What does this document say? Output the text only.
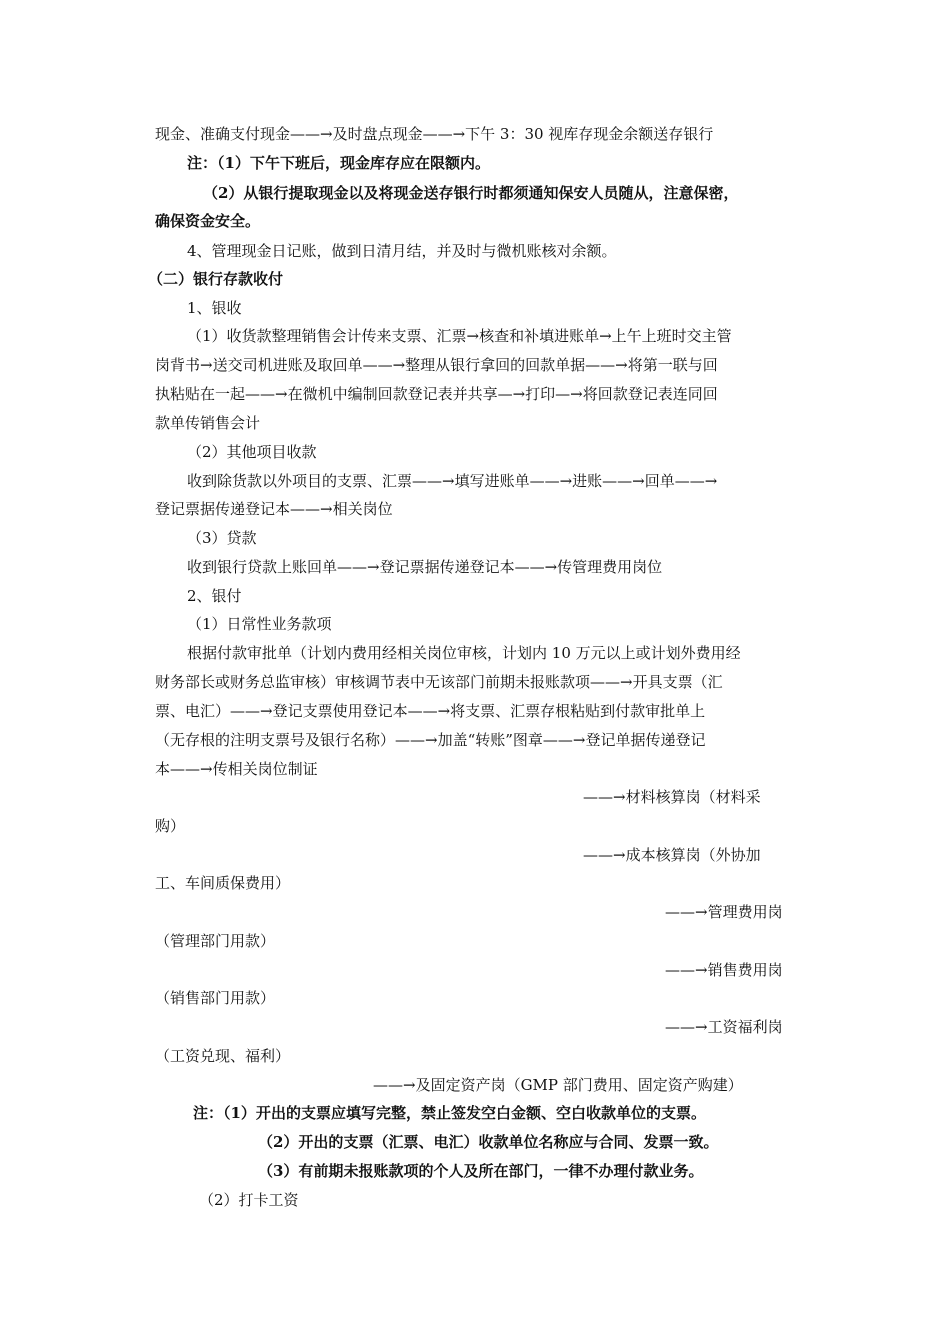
现金、准确支付现金——→及时盘点现金——→下午 3：30 视库存现金余额送存银行
注：（1）下午下班后，现金库存应在限额内。
（2）从银行提取现金以及将现金送存银行时都须通知保安人员随从，注意保密，
确保资金安全。
4、管理现金日记账，做到日清月结，并及时与微机账核对余额。
（二）银行存款收付
1、银收
（1）收货款整理销售会计传来支票、汇票→核查和补填进账单→上午上班时交主管
岗背书→送交司机进账及取回单——→整理从银行拿回的回款单据——→将第一联与回
执粘贴在一起——→在微机中编制回款登记表并共享—→打印—→将回款登记表连同回
款单传销售会计
（2）其他项目收款
收到除货款以外项目的支票、汇票——→填写进账单——→进账——→回单——→
登记票据传递登记本——→相关岗位
（3）贷款
收到银行贷款上账回单——→登记票据传递登记本——→传管理费用岗位
2、银付
（1）日常性业务款项
根据付款审批单（计划内费用经相关岗位审核，计划内 10 万元以上或计划外费用经
财务部长或财务总监审核）审核调节表中无该部门前期未报账款项——→开具支票（汇
票、电汇）——→登记支票使用登记本——→将支票、汇票存根粘贴到付款审批单上
（无存根的注明支票号及银行名称）——→加盖“转账”图章——→登记单据传递登记
本——→传相关岗位制证
——→材料核算岗（材料采
购）
——→成本核算岗（外协加
工、车间质保费用）
——→管理费用岗
（管理部门用款）
——→销售费用岗
（销售部门用款）
——→工资福利岗
（工资兑现、福利）
——→及固定资产岗（GMP 部门费用、固定资产购建）
注：（1）开出的支票应填写完整，禁止签发空白金额、空白收款单位的支票。
（2）开出的支票（汇票、电汇）收款单位名称应与合同、发票一致。
（3）有前期未报账款项的个人及所在部门，一律不办理付款业务。
（2）打卡工资
